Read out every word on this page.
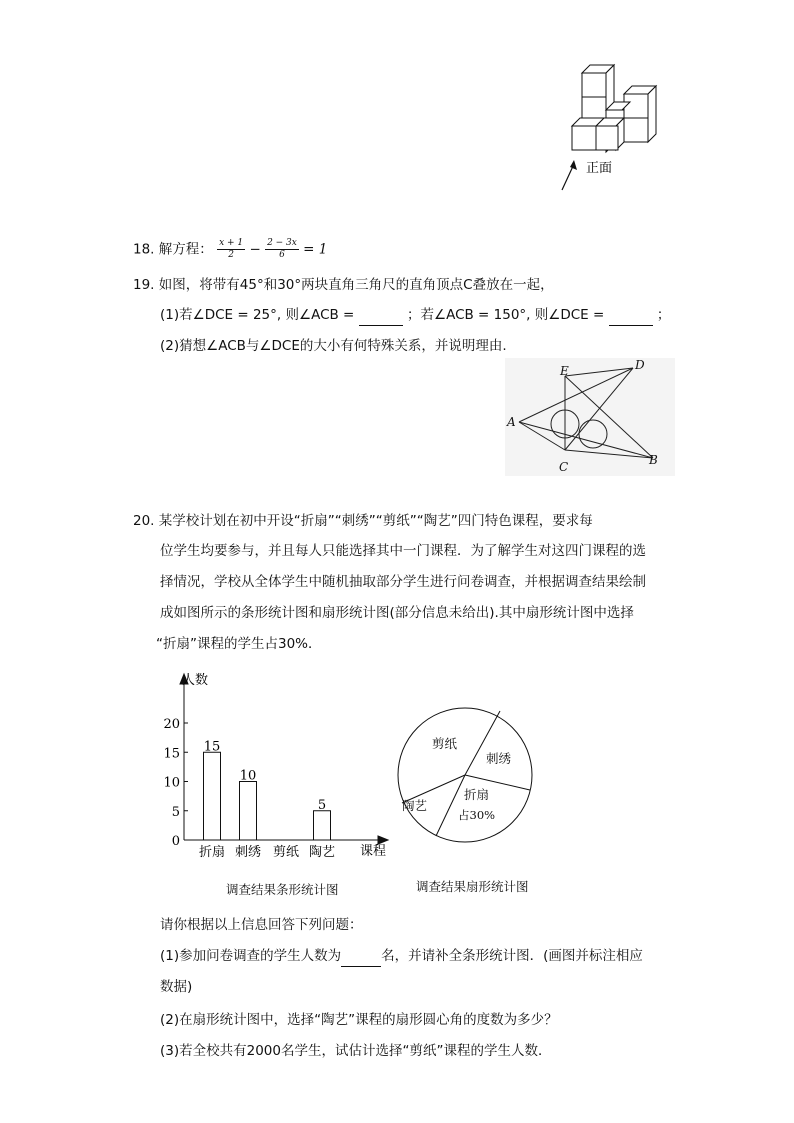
正面
18. 解方程： $\frac{x + 1}{2} - \frac{2 - 3x}{6} = 1$
19. 如图，将带有45°和30°两块直角三角尺的直角顶点C叠放在一起，
(1)若∠DCE = 25°, 则∠ACB =	；若∠ACB = 150°, 则∠DCE =	；
(2)猜想∠ACB与∠DCE的大小有何特殊关系，并说明理由.
A
B
C
D
E
20. 某学校计划在初中开设“折扇”“刺绣”“剪纸”“陶艺”四门特色课程，要求每
位学生均要参与，并且每人只能选择其中一门课程．为了解学生对这四门课程的选
择情况，学校从全体学生中随机抽取部分学生进行问卷调查，并根据调查结果绘制
成如图所示的条形统计图和扇形统计图(部分信息未给出).其中扇形统计图中选择
“折扇”课程的学生占30%．
人数
课程
0
5
10
15
20
15
折扇
10
刺绣 剪纸
5
陶艺
剪纸
刺绣
折扇
占30%
陶艺
调查结果条形统计图	调查结果扇形统计图
请你根据以上信息回答下列问题：
(1)参加问卷调查的学生人数为	名，并请补全条形统计图．(画图并标注相应
数据)
(2)在扇形统计图中，选择“陶艺”课程的扇形圆心角的度数为多少？
(3)若全校共有2000名学生，试估计选择“剪纸”课程的学生人数．
